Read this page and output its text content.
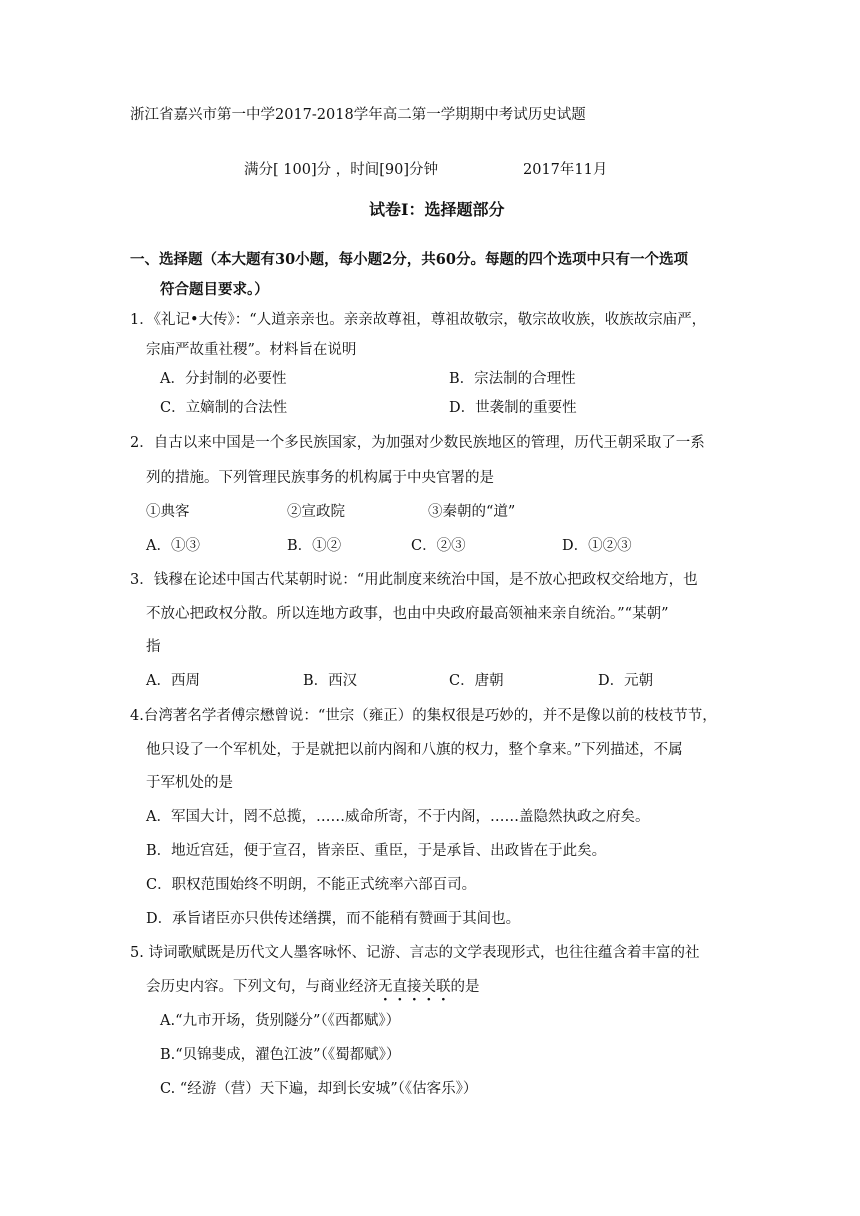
浙江省嘉兴市第一中学2017-2018学年高二第一学期期中考试历史试题
满分[ 100]分 ，时间[90]分钟	2017年11月
试卷Ⅰ：选择题部分
一、选择题（本大题有30小题，每小题2分，共60分。每题的四个选项中只有一个选项
符合题目要求。）
1．《礼记•大传》：“人道亲亲也。亲亲故尊祖，尊祖故敬宗，敬宗故收族，收族故宗庙严，
宗庙严故重社稷”。材料旨在说明
A．分封制的必要性	B．宗法制的合理性
C．立嫡制的合法性	D．世袭制的重要性
2．自古以来中国是一个多民族国家，为加强对少数民族地区的管理，历代王朝采取了一系
列的措施。下列管理民族事务的机构属于中央官署的是
①典客	②宣政院	③秦朝的“道”
A．①③	B．①②	C．②③	D．①②③
3．钱穆在论述中国古代某朝时说：“用此制度来统治中国，是不放心把政权交给地方，也
不放心把政权分散。所以连地方政事，也由中央政府最高领袖来亲自统治。”“某朝”
指
A．西周	B．西汉	C．唐朝	D．元朝
4.台湾著名学者傅宗懋曾说：“世宗（雍正）的集权很是巧妙的，并不是像以前的枝枝节节，
他只设了一个军机处，于是就把以前内阁和八旗的权力，整个拿来。”下列描述，不属
于军机处的是
A．军国大计，罔不总揽，……威命所寄，不于内阁，……盖隐然执政之府矣。
B．地近宫廷，便于宣召，皆亲臣、重臣，于是承旨、出政皆在于此矣。
C．职权范围始终不明朗，不能正式统率六部百司。
D．承旨诸臣亦只供传述缮撰，而不能稍有赞画于其间也。
5. 诗词歌赋既是历代文人墨客咏怀、记游、言志的文学表现形式，也往往蕴含着丰富的社
会历史内容。下列文句，与商业经济无直接关联的是
A.“九市开场，货别隧分”（《西都赋》）
B.“贝锦斐成，濯色江波”（《蜀都赋》）
C. “经游（营）天下遍，却到长安城”（《估客乐》）
